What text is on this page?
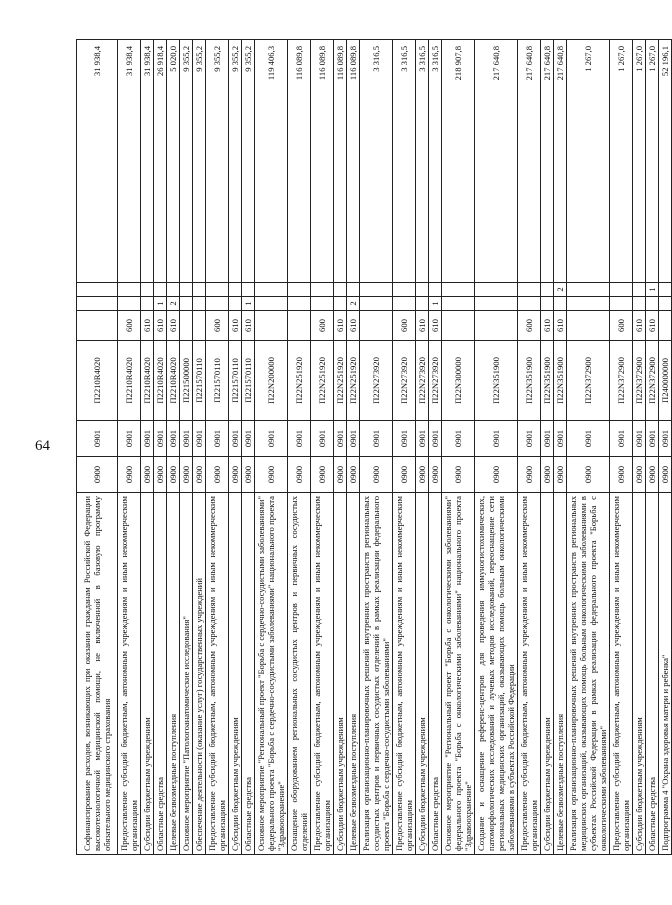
64
Софинансирование расходов, возникающих при оказании гражданам Российской Федерации высокотехнологичной медицинской помощи, не включенной в базовую программу обязательного медицинского страхования	0900	0901	П2210R4020				31 938,4
Предоставление субсидий бюджетным, автономным учреждениям и иным некоммерческим организациям	0900	0901	П2210R4020	600			31 938,4
Субсидии бюджетным учреждениям	0900	0901	П2210R4020	610			31 938,4
Областные средства	0900	0901	П2210R4020	610	1		26 918,4
Целевые безвозмездные поступления	0900	0901	П2210R4020	610	2		5 020,0
Основное мероприятие "Патологоанатомические исследования"	0900	0901	П221500000				9 355,2
Обеспечение деятельности (оказание услуг) государственных учреждений	0900	0901	П221570110				9 355,2
Предоставление субсидий бюджетным, автономным учреждениям и иным некоммерческим организациям	0900	0901	П221570110	600			9 355,2
Субсидии бюджетным учреждениям	0900	0901	П221570110	610			9 355,2
Областные средства	0900	0901	П221570110	610	1		9 355,2
Основное мероприятие "Региональный проект "Борьба с сердечно-сосудистыми заболеваниями" федерального проекта "Борьба с сердечно-сосудистыми заболеваниями" национального проекта "Здравоохранение"	0900	0901	П22N200000				119 406,3
Оснащение оборудованием региональных сосудистых центров и первичных сосудистых отделений	0900	0901	П22N251920				116 089,8
Предоставление субсидий бюджетным, автономным учреждениям и иным некоммерческим организациям	0900	0901	П22N251920	600			116 089,8
Субсидии бюджетным учреждениям	0900	0901	П22N251920	610			116 089,8
Целевые безвозмездные поступления	0900	0901	П22N251920	610	2		116 089,8
Реализация организационно-планировочных решений внутренних пространств региональных сосудистых центров и первичных сосудистых отделений в рамках реализации федерального проекта "Борьба с сердечно-сосудистыми заболеваниями"	0900	0901	П22N273920				3 316,5
Предоставление субсидий бюджетным, автономным учреждениям и иным некоммерческим организациям	0900	0901	П22N273920	600			3 316,5
Субсидии бюджетным учреждениям	0900	0901	П22N273920	610			3 316,5
Областные средства	0900	0901	П22N273920	610	1		3 316,5
Основное мероприятие "Региональный проект "Борьба с онкологическими заболеваниями" федерального проекта "Борьба с онкологическими заболеваниями" национального проекта "Здравоохранение"	0900	0901	П22N300000				218 907,8
Создание и оснащение референс-центров для проведения иммуногистохимических, патоморфологических исследований и лучевых методов исследований, переоснащение сети региональных медицинских организаций, оказывающих помощь больным онкологическими заболеваниями в субъектах Российской Федерации	0900	0901	П22N351900				217 640,8
Предоставление субсидий бюджетным, автономным учреждениям и иным некоммерческим организациям	0900	0901	П22N351900	600			217 640,8
Субсидии бюджетным учреждениям	0900	0901	П22N351900	610			217 640,8
Целевые безвозмездные поступления	0900	0901	П22N351900	610		2	217 640,8
Реализация организационно-планировочных решений внутренних пространств региональных медицинских организаций, оказывающих помощь больным онкологическими заболеваниями в субъектах Российской Федерации в рамках реализации федерального проекта "Борьба с онкологическими заболеваниями"	0900	0901	П22N372900				1 267,0
Предоставление субсидий бюджетным, автономным учреждениям и иным некоммерческим организациям	0900	0901	П22N372900	600			1 267,0
Субсидии бюджетным учреждениям	0900	0901	П22N372900	610			1 267,0
Областные средства	0900	0901	П22N372900	610		1	1 267,0
Подпрограмма 4 "Охрана здоровья матери и ребенка"	0900	0901	П240000000				52 196,1
